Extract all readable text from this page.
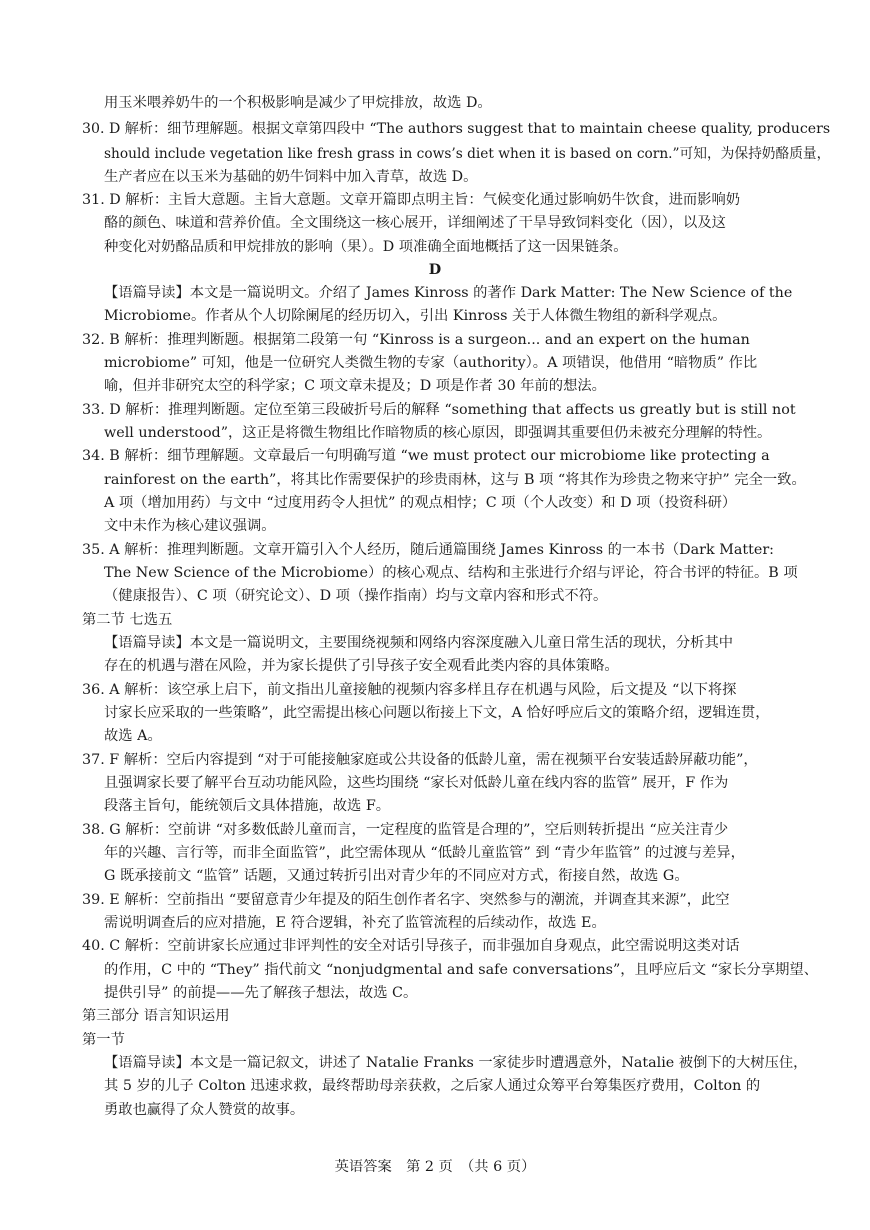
用玉米喂养奶牛的一个积极影响是减少了甲烷排放，故选 D。
30. D 解析：细节理解题。根据文章第四段中 “The authors suggest that to maintain cheese quality, producers
should include vegetation like fresh grass in cows’s diet when it is based on corn.”可知，为保持奶酪质量，
生产者应在以玉米为基础的奶牛饲料中加入青草，故选 D。
31. D 解析：主旨大意题。主旨大意题。文章开篇即点明主旨：气候变化通过影响奶牛饮食，进而影响奶
酪的颜色、味道和营养价值。全文围绕这一核心展开，详细阐述了干旱导致饲料变化（因），以及这
种变化对奶酪品质和甲烷排放的影响（果）。D 项准确全面地概括了这一因果链条。
D
【语篇导读】本文是一篇说明文。介绍了 James Kinross 的著作 Dark Matter: The New Science of the
Microbiome。作者从个人切除阑尾的经历切入，引出 Kinross 关于人体微生物组的新科学观点。
32. B 解析：推理判断题。根据第二段第一句 “Kinross is a surgeon... and an expert on the human
microbiome” 可知，他是一位研究人类微生物的专家（authority）。A 项错误，他借用 “暗物质” 作比
喻，但并非研究太空的科学家；C 项文章未提及；D 项是作者 30 年前的想法。
33. D 解析：推理判断题。定位至第三段破折号后的解释 “something that affects us greatly but is still not
well understood”，这正是将微生物组比作暗物质的核心原因，即强调其重要但仍未被充分理解的特性。
34. B 解析：细节理解题。文章最后一句明确写道 “we must protect our microbiome like protecting a
rainforest on the earth”，将其比作需要保护的珍贵雨林，这与 B 项 “将其作为珍贵之物来守护” 完全一致。
A 项（增加用药）与文中 “过度用药令人担忧” 的观点相悖；C 项（个人改变）和 D 项（投资科研）
文中未作为核心建议强调。
35. A 解析：推理判断题。文章开篇引入个人经历，随后通篇围绕 James Kinross 的一本书（Dark Matter:
The New Science of the Microbiome）的核心观点、结构和主张进行介绍与评论，符合书评的特征。B 项
（健康报告）、C 项（研究论文）、D 项（操作指南）均与文章内容和形式不符。
第二节 七选五
【语篇导读】本文是一篇说明文，主要围绕视频和网络内容深度融入儿童日常生活的现状，分析其中
存在的机遇与潜在风险，并为家长提供了引导孩子安全观看此类内容的具体策略。
36. A 解析：该空承上启下，前文指出儿童接触的视频内容多样且存在机遇与风险，后文提及 “以下将探
讨家长应采取的一些策略”，此空需提出核心问题以衔接上下文，A 恰好呼应后文的策略介绍，逻辑连贯，
故选 A。
37. F 解析：空后内容提到 “对于可能接触家庭或公共设备的低龄儿童，需在视频平台安装适龄屏蔽功能”，
且强调家长要了解平台互动功能风险，这些均围绕 “家长对低龄儿童在线内容的监管” 展开，F 作为
段落主旨句，能统领后文具体措施，故选 F。
38. G 解析：空前讲 “对多数低龄儿童而言，一定程度的监管是合理的”，空后则转折提出 “应关注青少
年的兴趣、言行等，而非全面监管”，此空需体现从 “低龄儿童监管” 到 “青少年监管” 的过渡与差异，
G 既承接前文 “监管” 话题，又通过转折引出对青少年的不同应对方式，衔接自然，故选 G。
39. E 解析：空前指出 “要留意青少年提及的陌生创作者名字、突然参与的潮流，并调查其来源”，此空
需说明调查后的应对措施，E 符合逻辑，补充了监管流程的后续动作，故选 E。
40. C 解析：空前讲家长应通过非评判性的安全对话引导孩子，而非强加自身观点，此空需说明这类对话
的作用，C 中的 “They” 指代前文 “nonjudgmental and safe conversations”，且呼应后文 “家长分享期望、
提供引导” 的前提——先了解孩子想法，故选 C。
第三部分 语言知识运用
第一节
【语篇导读】本文是一篇记叙文，讲述了 Natalie Franks 一家徒步时遭遇意外，Natalie 被倒下的大树压住，
其 5 岁的儿子 Colton 迅速求救，最终帮助母亲获救，之后家人通过众筹平台筹集医疗费用，Colton 的
勇敢也赢得了众人赞赏的故事。
英语答案　第 2 页　（共 6 页）
